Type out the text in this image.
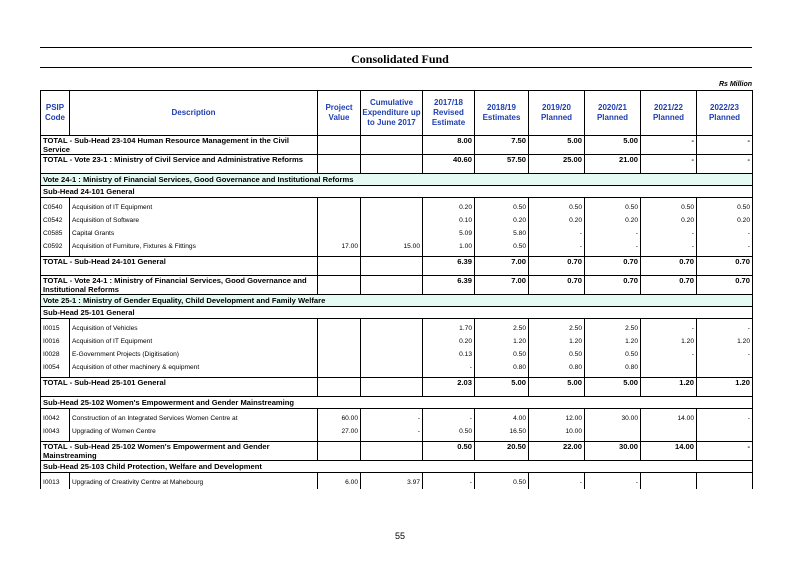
Consolidated Fund
Rs Million
PSIP Code	Description	Project Value	Cumulative Expenditure up to June 2017	2017/18 Revised Estimate	2018/19 Estimates	2019/20 Planned	2020/21 Planned	2021/22 Planned	2022/23 Planned
TOTAL - Sub-Head 23-104 Human Resource Management in the Civil Service				8.00	7.50	5.00	5.00	-	-
TOTAL - Vote 23-1 : Ministry of Civil Service and Administrative Reforms				40.60	57.50	25.00	21.00	-	-
Vote 24-1 : Ministry of Financial Services, Good Governance and Institutional Reforms									
Sub-Head 24-101 General									

C0540	Acquisition of IT Equipment			0.20	0.50	0.50	0.50	0.50	0.50
C0542	Acquisition of Software			0.10	0.20	0.20	0.20	0.20	0.20
C0585	Capital Grants			5.09	5.80	-	-	-	-
C0592	Acquisition of Furniture, Fixtures & Fittings	17.00	15.00	1.00	0.50	-	-	-	-

TOTAL - Sub-Head 24-101 General				6.39	7.00	0.70	0.70	0.70	0.70
TOTAL - Vote 24-1 : Ministry of Financial Services, Good Governance and Institutional Reforms				6.39	7.00	0.70	0.70	0.70	0.70
Vote 25-1 : Ministry of Gender Equality, Child Development and Family Welfare									
Sub-Head 25-101 General									

I0015	Acquisition of Vehicles			1.70	2.50	2.50	2.50	-	-
I0016	Acquisition of IT Equipment			0.20	1.20	1.20	1.20	1.20	1.20
I0028	E-Government Projects (Digitisation)			0.13	0.50	0.50	0.50	-	-
I0054	Acquisition of other machinery & equipment			-	0.80	0.80	0.80		

TOTAL - Sub-Head 25-101 General				2.03	5.00	5.00	5.00	1.20	1.20
Sub-Head 25-102 Women's Empowerment and Gender Mainstreaming									

I0042	Construction of an Integrated Services Women Centre at	60.00	-	-	4.00	12.00	30.00	14.00	-
I0043	Upgrading of Women Centre	27.00	-	0.50	16.50	10.00			

TOTAL - Sub-Head 25-102 Women's Empowerment and Gender Mainstreaming				0.50	20.50	22.00	30.00	14.00	-
Sub-Head 25-103 Child Protection, Welfare and Development									

I0013	Upgrading of Creativity Centre at Mahebourg	6.00	3.97	-	0.50	-	-		
55
